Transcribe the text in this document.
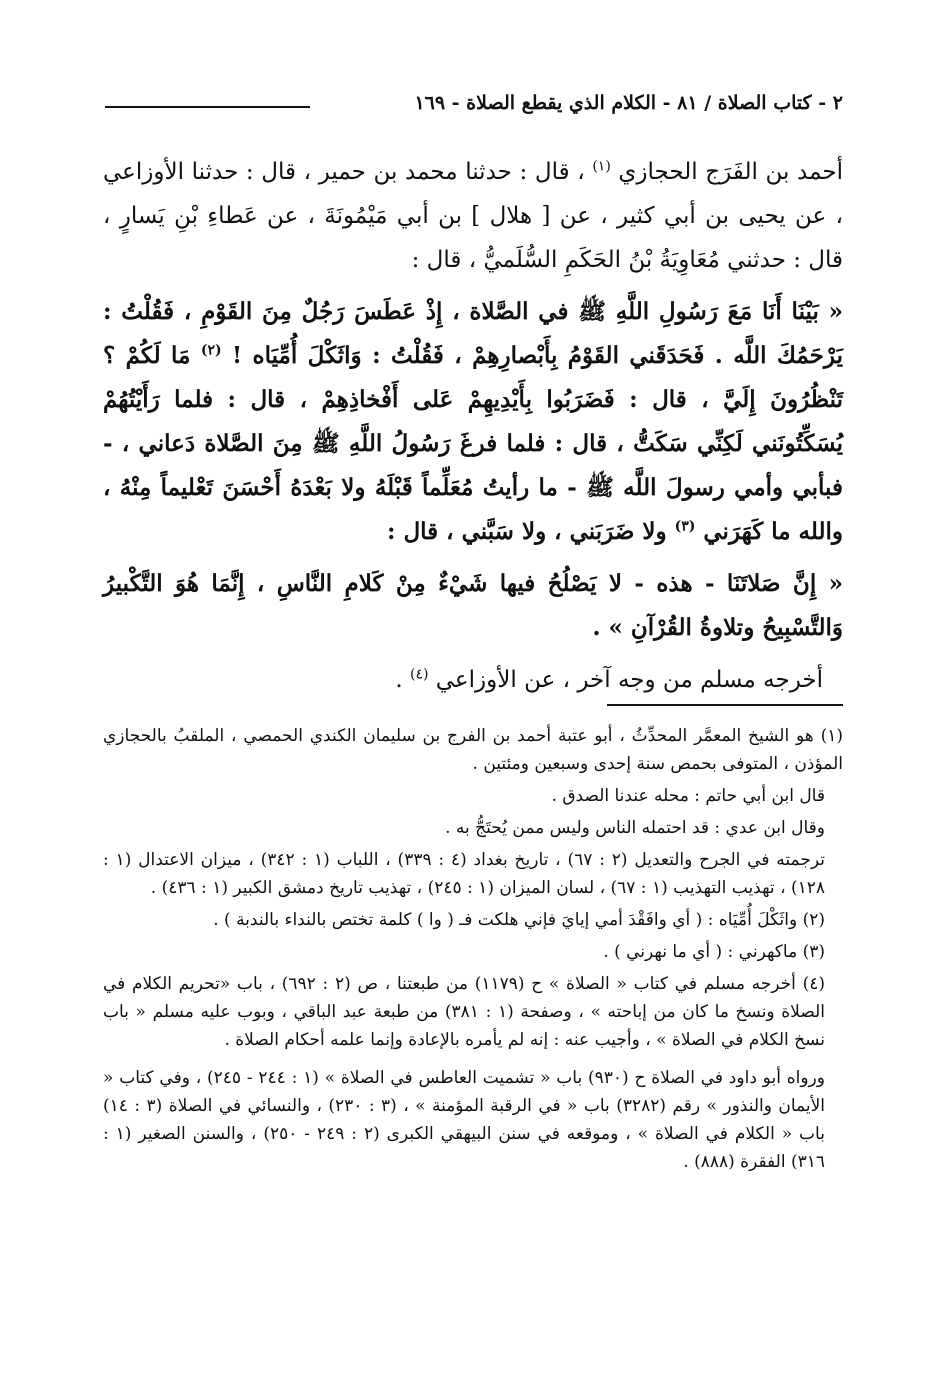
٢ - كتاب الصلاة / ٨١ - الكلام الذي يقطع الصلاة - ١٦٩

أحمد بن الفَرَج الحجازي $^{(١)}$ ، قال : حدثنا محمد بن حمير ، قال : حدثنا الأوزاعي ، عن يحيى بن أبي كثير ، عن [ هلال ] بن أبي مَيْمُونَةَ ، عن عَطاءِ بْنِ يَسارٍ ، قال : حدثني مُعَاوِيَةُ بْنُ الحَكَمِ السُّلَميُّ ، قال :

« بَيْنَا أَنَا مَعَ رَسُولِ اللَّهِ ﷺ في الصَّلاة ، إِذْ عَطَسَ رَجُلٌ مِنَ القَوْمِ ، فَقُلْتُ : يَرْحَمُكَ اللَّه . فَحَدَقَني القَوْمُ بِأَبْصارِهِمْ ، فَقُلْتُ : وَاثَكْلَ أُمِّيَاه ! $^{(٢)}$ مَا لَكُمْ ؟ تَنْظُرُونَ إِلَيَّ ، قال : فَضَرَبُوا بِأَيْدِيهِمْ عَلى أَفْخاذِهِمْ ، قال : فلما رَأَيْتُهُمْ يُسَكِّتُونَني لَكِنِّي سَكَتُّ ، قال : فلما فرغَ رَسُولُ اللَّهِ ﷺ مِنَ الصَّلاة دَعاني ، - فبأبي وأمي رسولَ اللَّه ﷺ - ما رأيتُ مُعَلِّماً قَبْلَهُ ولا بَعْدَهُ أَحْسَنَ تَعْليماً مِنْهُ ، والله ما كَهَرَني $^{(٣)}$ ولا ضَرَبَني ، ولا سَبَّني ، قال :

« إِنَّ صَلاتَنَا - هذه - لا يَصْلُحُ فيها شَيْءٌ مِنْ كَلامِ النَّاسِ ، إِنَّمَا هُوَ التَّكْبيرُ وَالتَّسْبِيحُ وتلاوةُ القُرْآنِ » .

أخرجه مسلم من وجه آخر ، عن الأوزاعي $^{(٤)}$ .

(١) هو الشيخ المعمَّر المحدِّثُ ، أبو عتبة أحمد بن الفرج بن سليمان الكندي الحمصي ، الملقبُ بالحجازي المؤذن ، المتوفى بحمص سنة إحدى وسبعين ومئتين .

قال ابن أبي حاتم : محله عندنا الصدق .

وقال ابن عدي : قد احتمله الناس وليس ممن يُحتَجُّ به .

ترجمته في الجرح والتعديل (٢ : ٦٧) ، تاريخ بغداد (٤ : ٣٣٩) ، اللباب (١ : ٣٤٢) ، ميزان الاعتدال (١ : ١٢٨) ، تهذيب التهذيب (١ : ٦٧) ، لسان الميزان (١ : ٢٤٥) ، تهذيب تاريخ دمشق الكبير (١ : ٤٣٦) .

(٢) واثَكْلَ أُمِّيَاه : ( أي وافَقْدَ أمي إيايَ فإني هلكت فـ ( وا ) كلمة تختص بالنداء بالندبة ) .

(٣) ماكهرني : ( أي ما نهرني ) .

(٤) أخرجه مسلم في كتاب « الصلاة » ح (١١٧٩) من طبعتنا ، ص (٢ : ٦٩٢) ، باب «تحريم الكلام في الصلاة ونسخ ما كان من إباحته » ، وصفحة (١ : ٣٨١) من طبعة عبد الباقي ، وبوب عليه مسلم « باب نسخ الكلام في الصلاة » ، وأجيب عنه : إنه لم يأمره بالإعادة وإنما علمه أحكام الصلاة .

ورواه أبو داود في الصلاة ح (٩٣٠) باب « تشميت العاطس في الصلاة » (١ : ٢٤٤ - ٢٤٥) ، وفي كتاب « الأيمان والنذور » رقم (٣٢٨٢) باب « في الرقبة المؤمنة » ، (٣ : ٢٣٠) ، والنسائي في الصلاة (٣ : ١٤) باب « الكلام في الصلاة » ، وموقعه في سنن البيهقي الكبرى (٢ : ٢٤٩ - ٢٥٠) ، والسنن الصغير (١ : ٣١٦) الفقرة (٨٨٨) .
